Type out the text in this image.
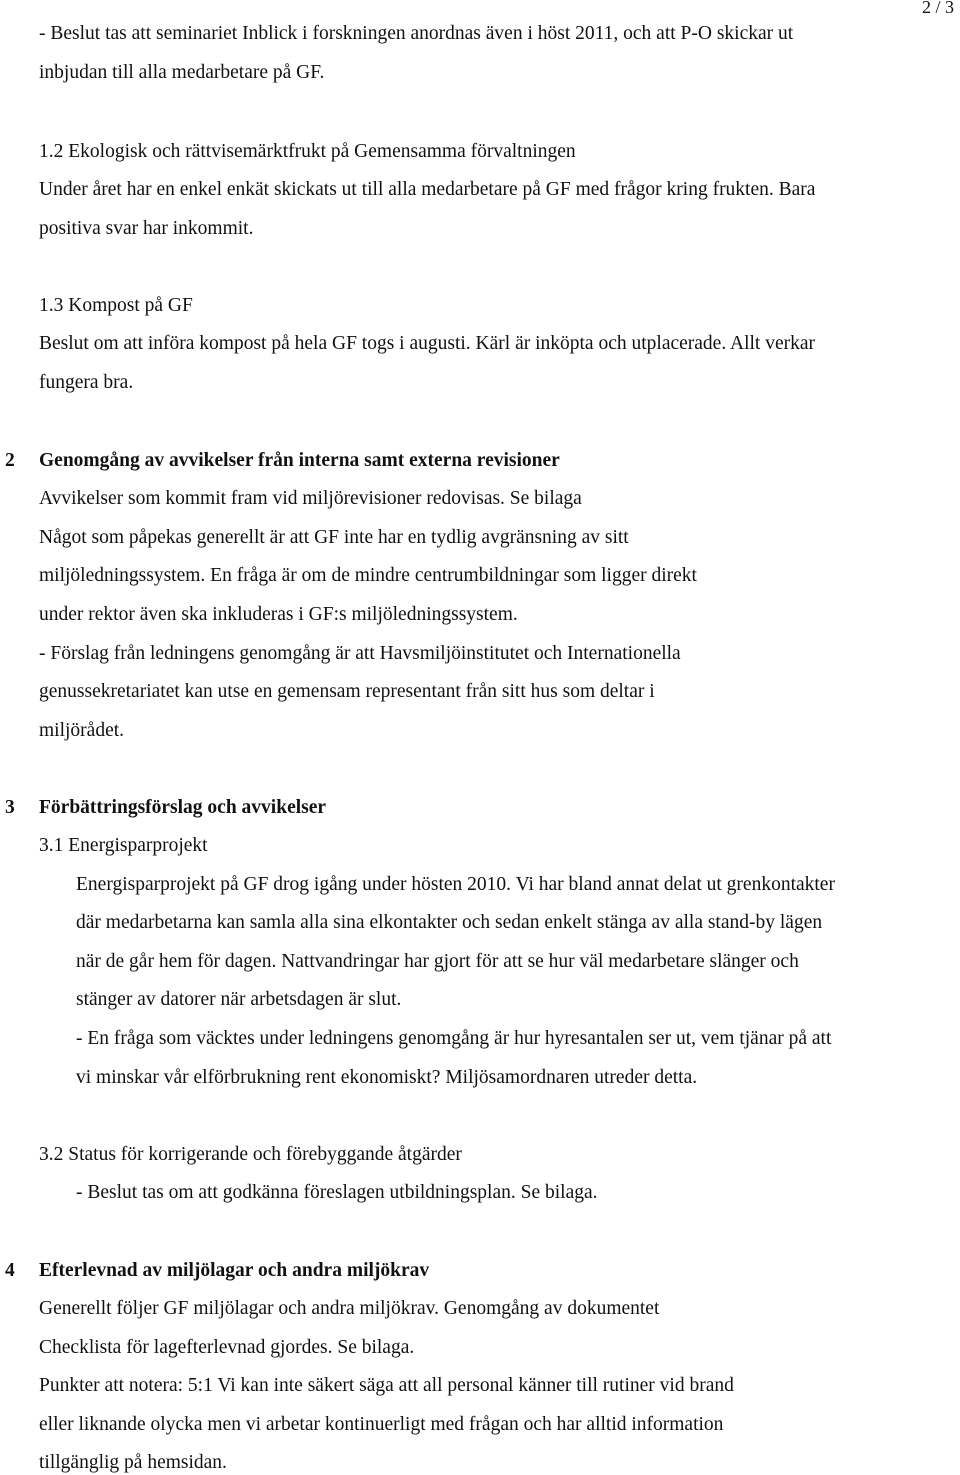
2 / 3

- Beslut tas att seminariet Inblick i forskningen anordnas även i höst 2011, och att P-O skickar ut

inbjudan till alla medarbetare på GF.

1.2 Ekologisk och rättvisemärktfrukt på Gemensamma förvaltningen

Under året har en enkel enkät skickats ut till alla medarbetare på GF med frågor kring frukten. Bara

positiva svar har inkommit.

1.3 Kompost på GF

Beslut om att införa kompost på hela GF togs i augusti. Kärl är inköpta och utplacerade. Allt verkar

fungera bra.

2 Genomgång av avvikelser från interna samt externa revisioner

Avvikelser som kommit fram vid miljörevisioner redovisas. Se bilaga

Något som påpekas generellt är att GF inte har en tydlig avgränsning av sitt

miljöledningssystem. En fråga är om de mindre centrumbildningar som ligger direkt

under rektor även ska inkluderas i GF:s miljöledningssystem.

- Förslag från ledningens genomgång är att Havsmiljöinstitutet och Internationella

genussekretariatet kan utse en gemensam representant från sitt hus som deltar i

miljörådet.

3 Förbättringsförslag och avvikelser

3.1 Energisparprojekt

Energisparprojekt på GF drog igång under hösten 2010. Vi har bland annat delat ut grenkontakter

där medarbetarna kan samla alla sina elkontakter och sedan enkelt stänga av alla stand-by lägen

när de går hem för dagen. Nattvandringar har gjort för att se hur väl medarbetare slänger och

stänger av datorer när arbetsdagen är slut.

- En fråga som väcktes under ledningens genomgång är hur hyresantalen ser ut, vem tjänar på att

vi minskar vår elförbrukning rent ekonomiskt? Miljösamordnaren utreder detta.

3.2 Status för korrigerande och förebyggande åtgärder

- Beslut tas om att godkänna föreslagen utbildningsplan. Se bilaga.

4 Efterlevnad av miljölagar och andra miljökrav

Generellt följer GF miljölagar och andra miljökrav. Genomgång av dokumentet

Checklista för lagefterlevnad gjordes. Se bilaga.

Punkter att notera: 5:1 Vi kan inte säkert säga att all personal känner till rutiner vid brand

eller liknande olycka men vi arbetar kontinuerligt med frågan och har alltid information

tillgänglig på hemsidan.
